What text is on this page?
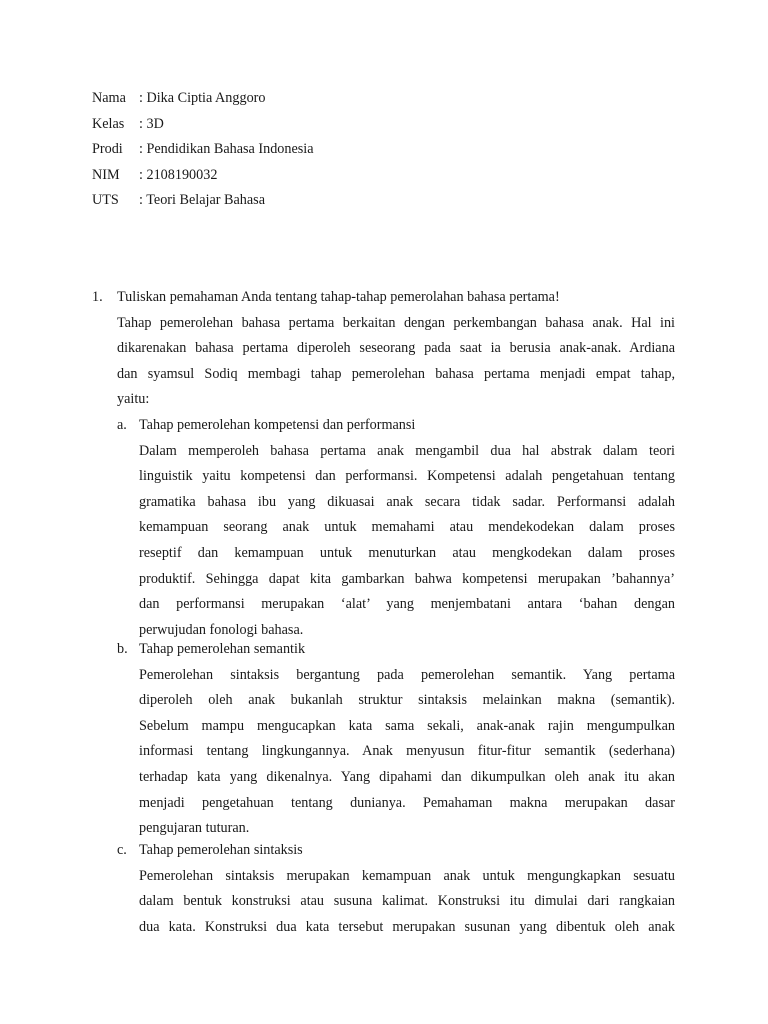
Nama : Dika Ciptia Anggoro
Kelas	: 3D
Prodi	: Pendidikan Bahasa Indonesia
NIM	: 2108190032
UTS	: Teori Belajar Bahasa
1. Tuliskan pemahaman Anda tentang tahap-tahap pemerolahan bahasa pertama!
Tahap pemerolehan bahasa pertama berkaitan dengan perkembangan bahasa anak. Hal ini
dikarenakan bahasa pertama diperoleh seseorang pada saat ia berusia anak-anak. Ardiana
dan syamsul Sodiq membagi tahap pemerolehan bahasa pertama menjadi empat tahap,
yaitu:
a. Tahap pemerolehan kompetensi dan performansi
Dalam memperoleh bahasa pertama anak mengambil dua hal abstrak dalam teori
linguistik yaitu kompetensi dan performansi. Kompetensi adalah pengetahuan tentang
gramatika bahasa ibu yang dikuasai anak secara tidak sadar. Performansi adalah
kemampuan seorang anak untuk memahami atau mendekodekan dalam proses
reseptif dan kemampuan untuk menuturkan atau mengkodekan dalam proses
produktif. Sehingga dapat kita gambarkan bahwa kompetensi merupakan ’bahannya’
dan performansi merupakan ‘alat’ yang menjembatani antara ‘bahan dengan
perwujudan fonologi bahasa.
b. Tahap pemerolehan semantik
Pemerolehan sintaksis bergantung pada pemerolehan semantik. Yang pertama
diperoleh oleh anak bukanlah struktur sintaksis melainkan makna (semantik).
Sebelum mampu mengucapkan kata sama sekali, anak-anak rajin mengumpulkan
informasi tentang lingkungannya. Anak menyusun fitur-fitur semantik (sederhana)
terhadap kata yang dikenalnya. Yang dipahami dan dikumpulkan oleh anak itu akan
menjadi pengetahuan tentang dunianya. Pemahaman makna merupakan dasar
pengujaran tuturan.
c. Tahap pemerolehan sintaksis
Pemerolehan sintaksis merupakan kemampuan anak untuk mengungkapkan sesuatu
dalam bentuk konstruksi atau susuna kalimat. Konstruksi itu dimulai dari rangkaian
dua kata. Konstruksi dua kata tersebut merupakan susunan yang dibentuk oleh anak
